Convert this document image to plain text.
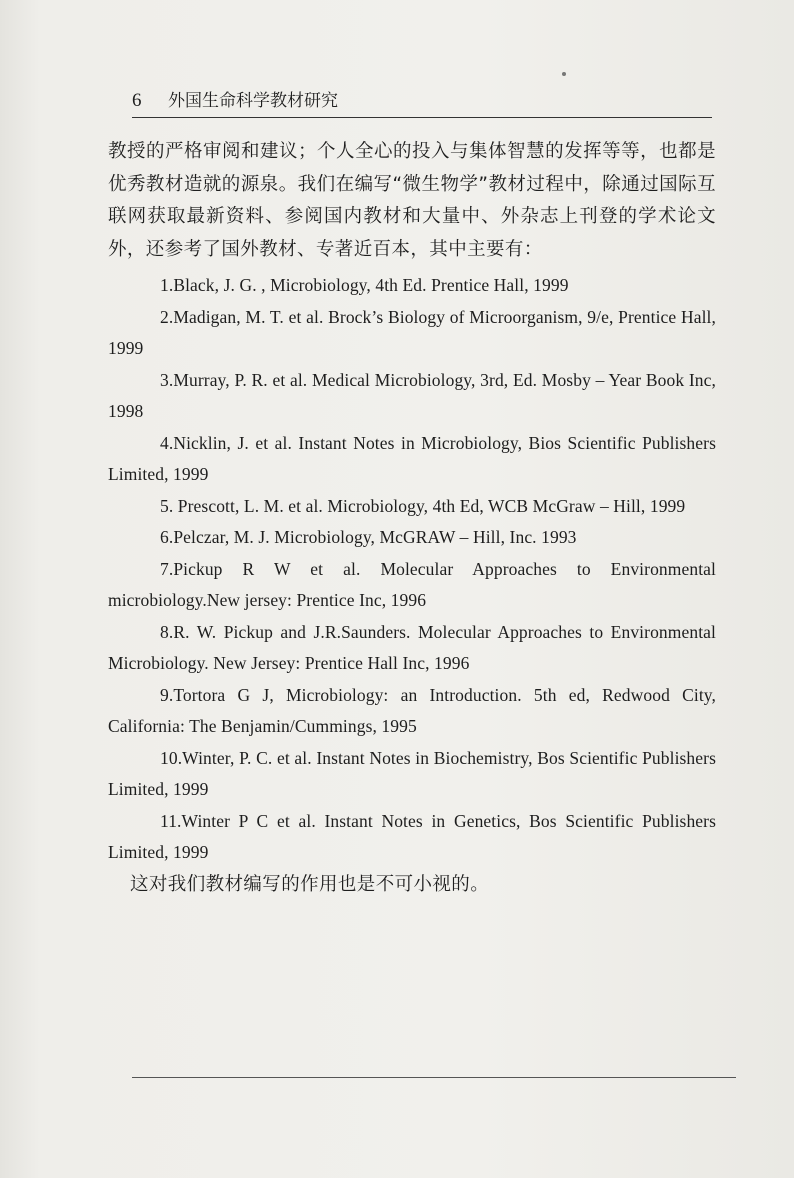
6 外国生命科学教材研究

教授的严格审阅和建议；个人全心的投入与集体智慧的发挥等等，也都是优秀教材造就的源泉。我们在编写“微生物学”教材过程中，除通过国际互联网获取最新资料、参阅国内教材和大量中、外杂志上刊登的学术论文外，还参考了国外教材、专著近百本，其中主要有：

1.Black, J. G. , Microbiology, 4th Ed. Prentice Hall, 1999
2.Madigan, M. T. et al. Brock’s Biology of Microorganism, 9/e, Prentice Hall, 1999
3.Murray, P. R. et al. Medical Microbiology, 3rd, Ed. Mosby – Year Book Inc, 1998
4.Nicklin, J. et al. Instant Notes in Microbiology, Bios Scientific Publishers Limited, 1999
5. Prescott, L. M. et al. Microbiology, 4th Ed, WCB McGraw – Hill, 1999
6.Pelczar, M. J. Microbiology, McGRAW – Hill, Inc. 1993
7.Pickup R W et al. Molecular Approaches to Environmental microbiology.New jersey: Prentice Inc, 1996
8.R. W. Pickup and J.R.Saunders. Molecular Approaches to Environmental Microbiology. New Jersey: Prentice Hall Inc, 1996
9.Tortora G J, Microbiology: an Introduction. 5th ed, Redwood City, California: The Benjamin/Cummings, 1995
10.Winter, P. C. et al. Instant Notes in Biochemistry, Bos Scientific Publishers Limited, 1999
11.Winter P C et al. Instant Notes in Genetics, Bos Scientific Publishers Limited, 1999

这对我们教材编写的作用也是不可小视的。
